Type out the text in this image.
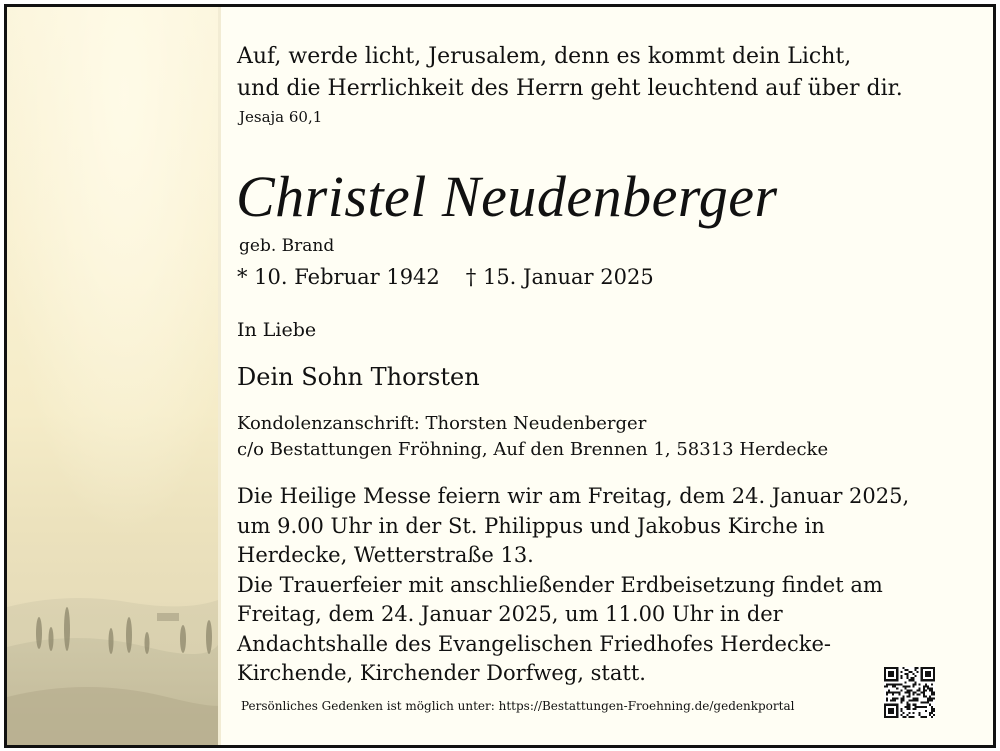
Auf, werde licht, Jerusalem, denn es kommt dein Licht,
und die Herrlichkeit des Herrn geht leuchtend auf über dir.
Jesaja 60,1
Christel Neudenberger
geb. Brand
* 10. Februar 1942 † 15. Januar 2025
In Liebe
Dein Sohn Thorsten
Kondolenzanschrift: Thorsten Neudenberger
c/o Bestattungen Fröhning, Auf den Brennen 1, 58313 Herdecke
Die Heilige Messe feiern wir am Freitag, dem 24. Januar 2025,
um 9.00 Uhr in der St. Philippus und Jakobus Kirche in
Herdecke, Wetterstraße 13.
Die Trauerfeier mit anschließender Erdbeisetzung findet am
Freitag, dem 24. Januar 2025, um 11.00 Uhr in der
Andachtshalle des Evangelischen Friedhofes Herdecke-
Kirchende, Kirchender Dorfweg, statt.
Persönliches Gedenken ist möglich unter: https://Bestattungen-Froehning.de/gedenkportal
